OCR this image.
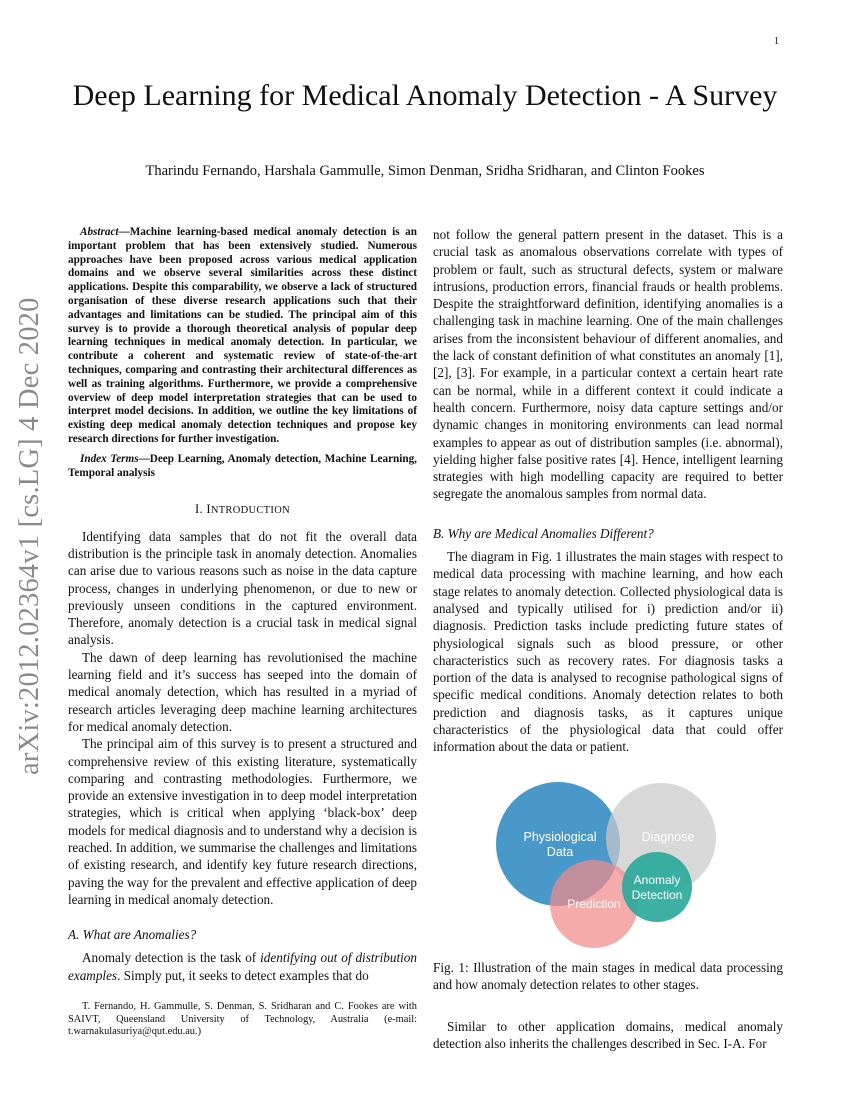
1
arXiv:2012.02364v1 [cs.LG] 4 Dec 2020
Deep Learning for Medical Anomaly Detection - A Survey
Tharindu Fernando, Harshala Gammulle, Simon Denman, Sridha Sridharan, and Clinton Fookes

Abstract—Machine learning-based medical anomaly detection is an important problem that has been extensively studied. Numerous approaches have been proposed across various medical application domains and we observe several similarities across these distinct applications. Despite this comparability, we observe a lack of structured organisation of these diverse research applications such that their advantages and limitations can be studied. The principal aim of this survey is to provide a thorough theoretical analysis of popular deep learning techniques in medical anomaly detection. In particular, we contribute a coherent and systematic review of state-of-the-art techniques, comparing and contrasting their architectural differences as well as training algorithms. Furthermore, we provide a comprehensive overview of deep model interpretation strategies that can be used to interpret model decisions. In addition, we outline the key limitations of existing deep medical anomaly detection techniques and propose key research directions for further investigation.

Index Terms—Deep Learning, Anomaly detection, Machine Learning, Temporal analysis

I. INTRODUCTION

Identifying data samples that do not fit the overall data distribution is the principle task in anomaly detection. Anomalies can arise due to various reasons such as noise in the data capture process, changes in underlying phenomenon, or due to new or previously unseen conditions in the captured environment. Therefore, anomaly detection is a crucial task in medical signal analysis.

The dawn of deep learning has revolutionised the machine learning field and it’s success has seeped into the domain of medical anomaly detection, which has resulted in a myriad of research articles leveraging deep machine learning architectures for medical anomaly detection.

The principal aim of this survey is to present a structured and comprehensive review of this existing literature, systematically comparing and contrasting methodologies. Furthermore, we provide an extensive investigation in to deep model interpretation strategies, which is critical when applying ‘black-box’ deep models for medical diagnosis and to understand why a decision is reached. In addition, we summarise the challenges and limitations of existing research, and identify key future research directions, paving the way for the prevalent and effective application of deep learning in medical anomaly detection.

A. What are Anomalies?

Anomaly detection is the task of identifying out of distribution examples. Simply put, it seeks to detect examples that do

T. Fernando, H. Gammulle, S. Denman, S. Sridharan and C. Fookes are with SAIVT, Queensland University of Technology, Australia (e-mail: t.warnakulasuriya@qut.edu.au.)

not follow the general pattern present in the dataset. This is a crucial task as anomalous observations correlate with types of problem or fault, such as structural defects, system or malware intrusions, production errors, financial frauds or health problems. Despite the straightforward definition, identifying anomalies is a challenging task in machine learning. One of the main challenges arises from the inconsistent behaviour of different anomalies, and the lack of constant definition of what constitutes an anomaly [1], [2], [3]. For example, in a particular context a certain heart rate can be normal, while in a different context it could indicate a health concern. Furthermore, noisy data capture settings and/or dynamic changes in monitoring environments can lead normal examples to appear as out of distribution samples (i.e. abnormal), yielding higher false positive rates [4]. Hence, intelligent learning strategies with high modelling capacity are required to better segregate the anomalous samples from normal data.

B. Why are Medical Anomalies Different?

The diagram in Fig. 1 illustrates the main stages with respect to medical data processing with machine learning, and how each stage relates to anomaly detection. Collected physiological data is analysed and typically utilised for i) prediction and/or ii) diagnosis. Prediction tasks include predicting future states of physiological signals such as blood pressure, or other characteristics such as recovery rates. For diagnosis tasks a portion of the data is analysed to recognise pathological signs of specific medical conditions. Anomaly detection relates to both prediction and diagnosis tasks, as it captures unique characteristics of the physiological data that could offer information about the data or patient.

Physiological
Data
Diagnose
Anomaly
Detection
Prediction
Fig. 1: Illustration of the main stages in medical data processing and how anomaly detection relates to other stages.

Similar to other application domains, medical anomaly detection also inherits the challenges described in Sec. I-A. For
